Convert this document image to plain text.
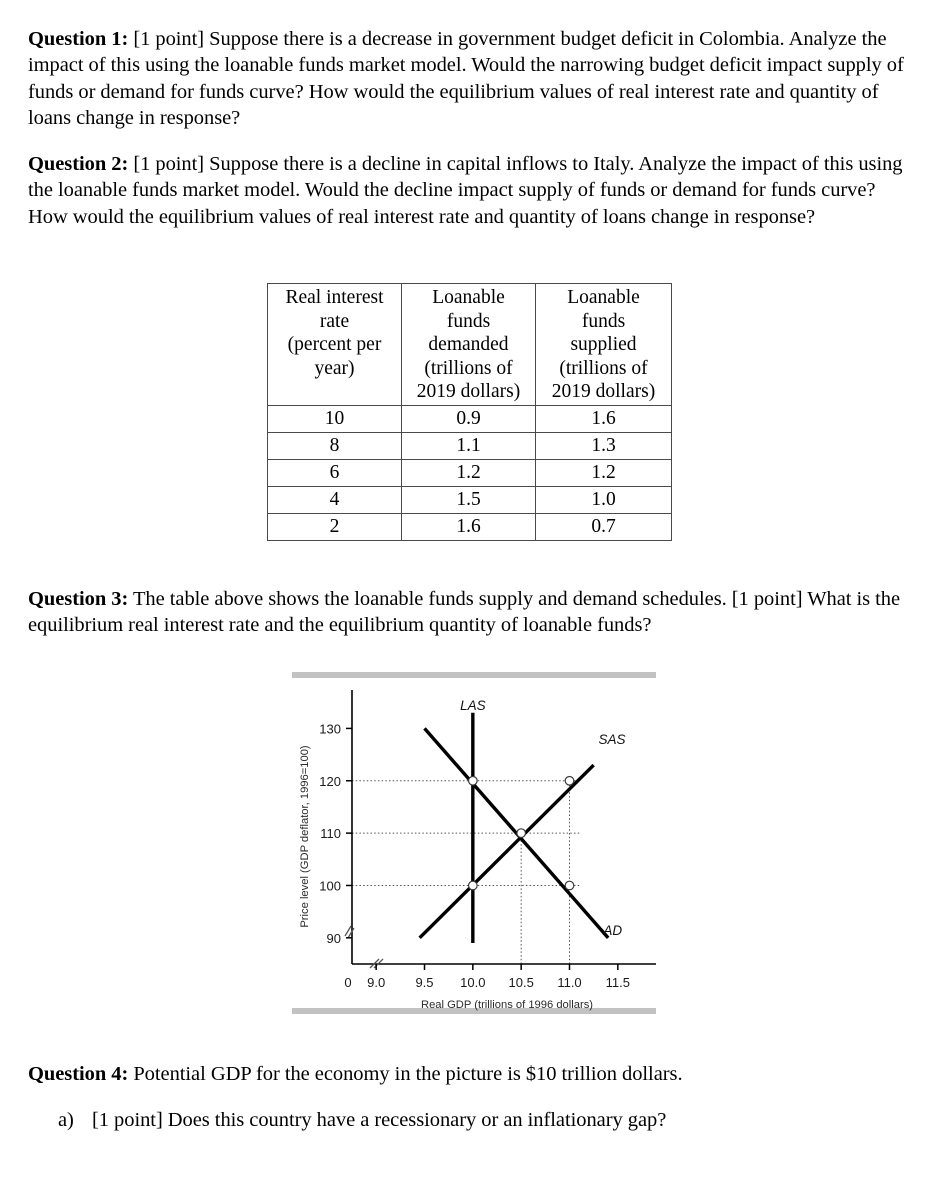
Question 1: [1 point] Suppose there is a decrease in government budget deficit in Colombia. Analyze the impact of this using the loanable funds market model. Would the narrowing budget deficit impact supply of funds or demand for funds curve? How would the equilibrium values of real interest rate and quantity of loans change in response?

Question 2: [1 point] Suppose there is a decline in capital inflows to Italy. Analyze the impact of this using the loanable funds market model. Would the decline impact supply of funds or demand for funds curve? How would the equilibrium values of real interest rate and quantity of loans change in response?

Real interest
rate
(percent per
year)	Loanable
funds
demanded
(trillions of
2019 dollars)	Loanable
funds
supplied
(trillions of
2019 dollars)

10	0.9	1.6
8	1.1	1.3
6	1.2	1.2
4	1.5	1.0
2	1.6	0.7

Question 3: The table above shows the loanable funds supply and demand schedules. [1 point] What is the equilibrium real interest rate and the equilibrium quantity of loanable funds?

90
100
110
120
130
0 9.0 9.5 10.0 10.5 11.0 11.5
Real GDP (trillions of 1996 dollars)
Price level (GDP deflator, 1996=100)
LAS
SAS
AD

Question 4: Potential GDP for the economy in the picture is $10 trillion dollars.

a) [1 point] Does this country have a recessionary or an inflationary gap?
